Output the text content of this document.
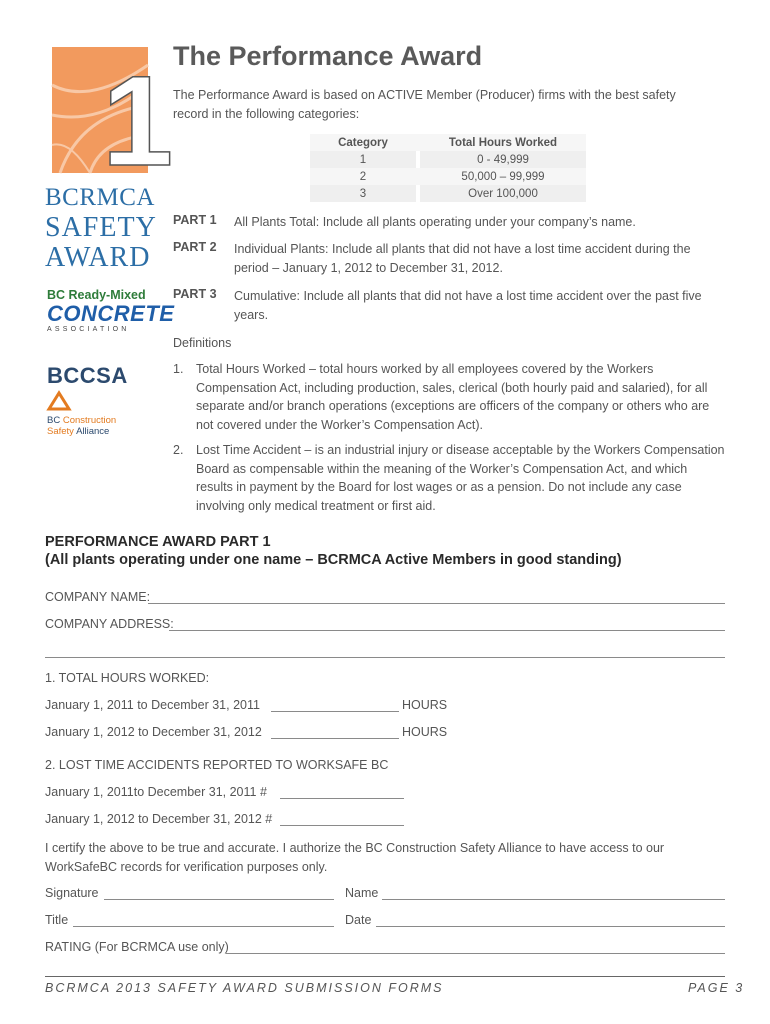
1
BCRMCA
SAFETY
AWARD
BC Ready-Mixed
CONCRETE
ASSOCIATION
BCCSA
BC Construction
Safety Alliance
The Performance Award
The Performance Award is based on ACTIVE Member (Producer) firms with the best safety record in the following categories:
Category		Total Hours Worked
1		0 - 49,999
2		50,000 – 99,999
3		Over 100,000
PART 1 All Plants Total: Include all plants operating under your company’s name.
PART 2 Individual Plants: Include all plants that did not have a lost time accident during the period – January 1, 2012 to December 31, 2012.
PART 3 Cumulative: Include all plants that did not have a lost time accident over the past five years.
Definitions
1. Total Hours Worked – total hours worked by all employees covered by the Workers Compensation Act, including production, sales, clerical (both hourly paid and salaried), for all separate and/or branch operations (exceptions are officers of the company or others who are not covered under the Worker’s Compensation Act).
2. Lost Time Accident – is an industrial injury or disease acceptable by the Workers Compensation Board as compensable within the meaning of the Worker’s Compensation Act, and which results in payment by the Board for lost wages or as a pension. Do not include any case involving only medical treatment or first aid.
PERFORMANCE AWARD PART 1
(All plants operating under one name – BCRMCA Active Members in good standing)
COMPANY NAME:
COMPANY ADDRESS:
1. TOTAL HOURS WORKED:
January 1, 2011 to December 31, 2011	HOURS
January 1, 2012 to December 31, 2012	HOURS
2. LOST TIME ACCIDENTS REPORTED TO WORKSAFE BC
January 1, 2011to December 31, 2011 #
January 1, 2012 to December 31, 2012 #
I certify the above to be true and accurate. I authorize the BC Construction Safety Alliance to have access to our WorkSafeBC records for verification purposes only.
Signature	Name
Title	Date
RATING (For BCRMCA use only)
BCRMCA 2013 SAFETY AWARD SUBMISSION FORMS	PAGE 3
